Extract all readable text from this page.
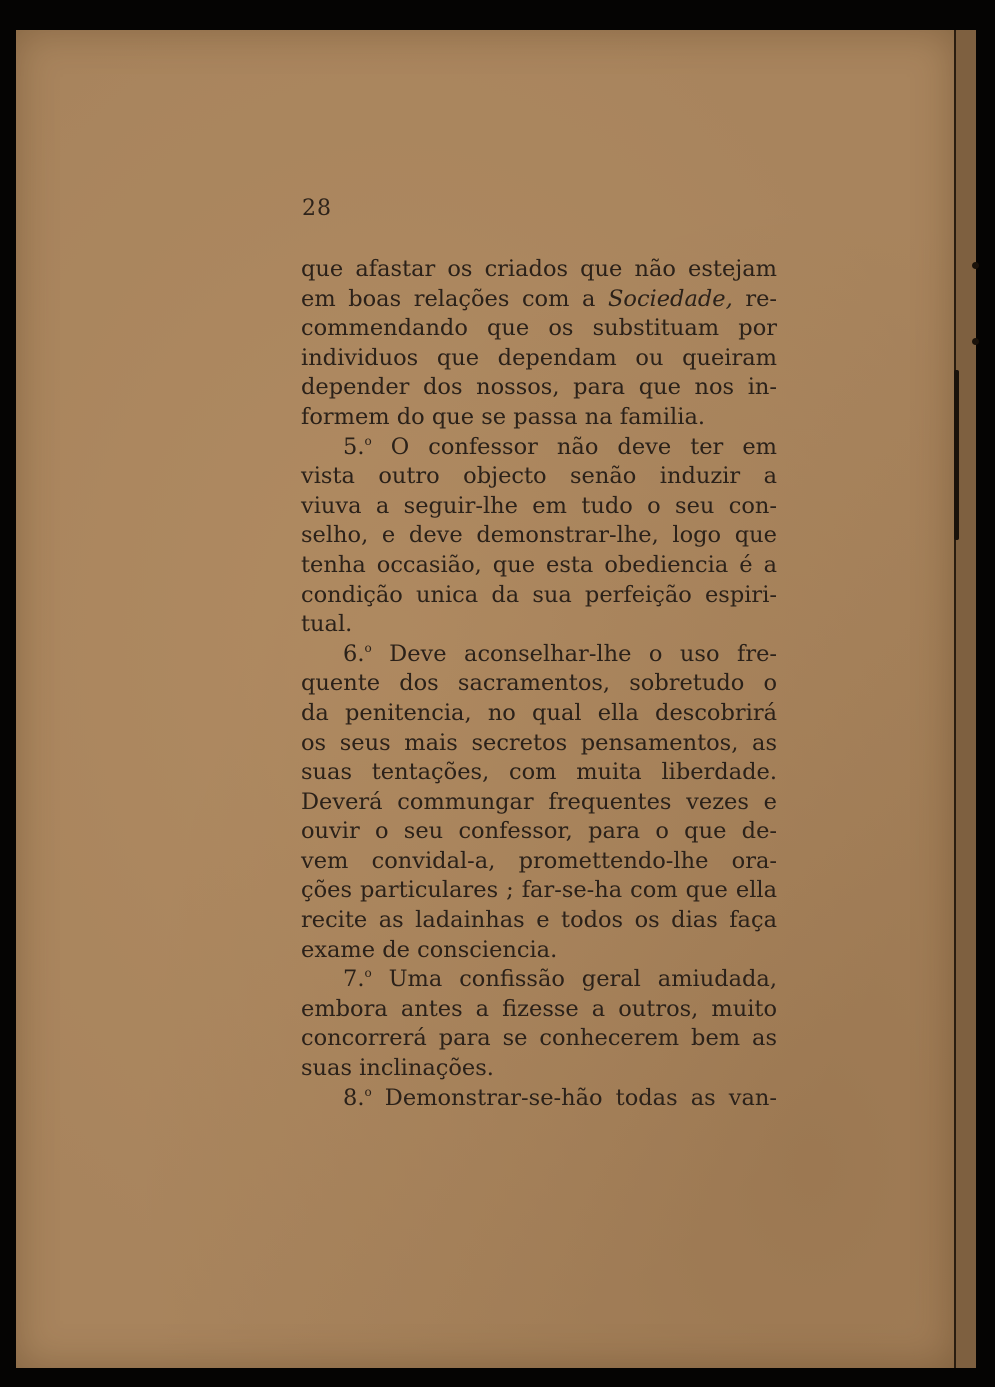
28
que afastar os criados que não estejam
em boas relações com a Sociedade, re-
commendando que os substituam por
individuos que dependam ou queiram
depender dos nossos, para que nos in-
formem do que se passa na familia.
5.$^o$ O confessor não deve ter em
vista outro objecto senão induzir a
viuva a seguir-lhe em tudo o seu con-
selho, e deve demonstrar-lhe, logo que
tenha occasião, que esta obediencia é a
condição unica da sua perfeição espiri-
tual.
6.$^o$ Deve aconselhar-lhe o uso fre-
quente dos sacramentos, sobretudo o
da penitencia, no qual ella descobrirá
os seus mais secretos pensamentos, as
suas tentações, com muita liberdade.
Deverá commungar frequentes vezes e
ouvir o seu confessor, para o que de-
vem convidal-a, promettendo-lhe ora-
ções particulares ; far-se-ha com que ella
recite as ladainhas e todos os dias faça
exame de consciencia.
7.$^o$ Uma confissão geral amiudada,
embora antes a fizesse a outros, muito
concorrerá para se conhecerem bem as
suas inclinações.
8.$^o$ Demonstrar-se-hão todas as van-
